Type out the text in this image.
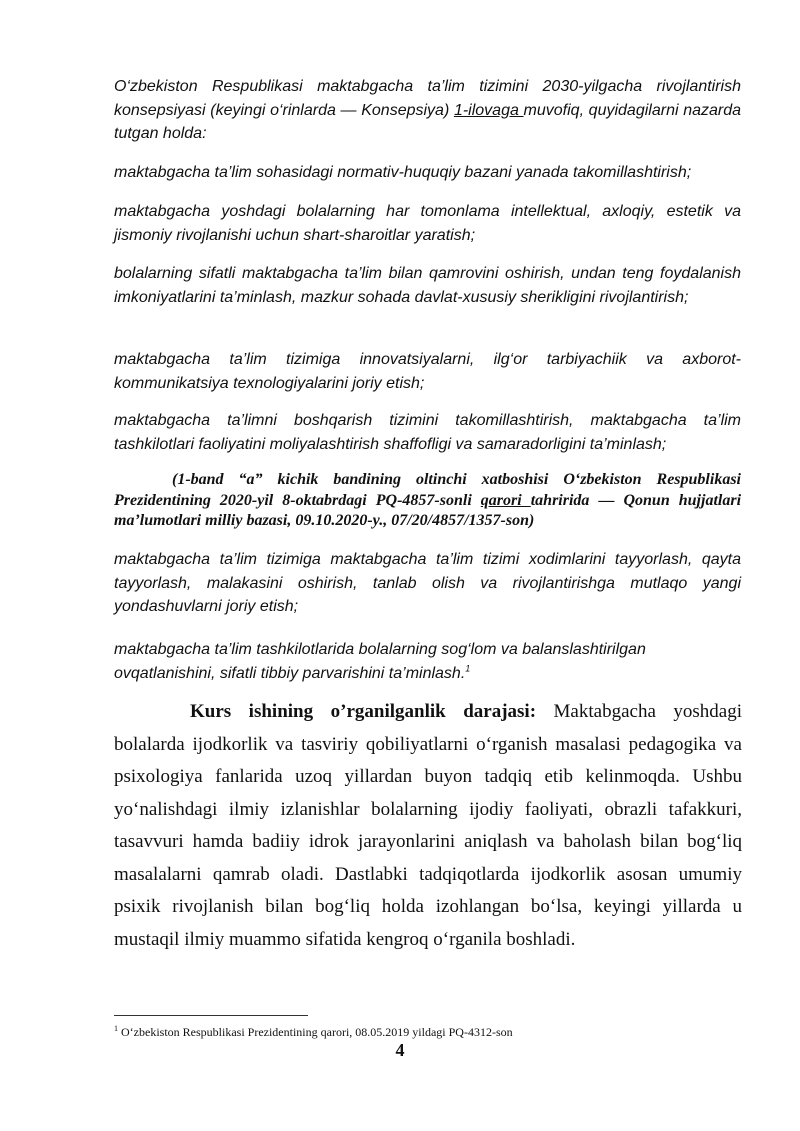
O‘zbekiston Respublikasi maktabgacha ta’lim tizimini 2030-yilgacha rivojlantirish konsepsiyasi (keyingi o‘rinlarda — Konsepsiya) 1-ilovaga muvofiq, quyidagilarni nazarda tutgan holda:

maktabgacha ta’lim sohasidagi normativ-huquqiy bazani yanada takomillashtirish;

maktabgacha yoshdagi bolalarning har tomonlama intellektual, axloqiy, estetik va jismoniy rivojlanishi uchun shart-sharoitlar yaratish;

bolalarning sifatli maktabgacha ta’lim bilan qamrovini oshirish, undan teng foydalanish imkoniyatlarini ta’minlash, mazkur sohada davlat-xususiy sherikligini rivojlantirish;

maktabgacha ta’lim tizimiga innovatsiyalarni, ilg‘or tarbiyachiik va axborot-kommunikatsiya texnologiyalarini joriy etish;

maktabgacha ta’limni boshqarish tizimini takomillashtirish, maktabgacha ta’lim tashkilotlari faoliyatini moliyalashtirish shaffofligi va samaradorligini ta’minlash;

(1-band “a” kichik bandining oltinchi xatboshisi O‘zbekiston Respublikasi Prezidentining 2020-yil 8-oktabrdagi PQ-4857-sonli qarori tahririda — Qonun hujjatlari ma’lumotlari milliy bazasi, 09.10.2020-y., 07/20/4857/1357-son)

maktabgacha ta’lim tizimiga maktabgacha ta’lim tizimi xodimlarini tayyorlash, qayta tayyorlash, malakasini oshirish, tanlab olish va rivojlantirishga mutlaqo yangi yondashuvlarni joriy etish;

maktabgacha ta’lim tashkilotlarida bolalarning sog‘lom va balanslashtirilgan
ovqatlanishini, sifatli tibbiy parvarishini ta’minlash.$^1$

Kurs ishining o’rganilganlik darajasi: Maktabgacha yoshdagi bolalarda ijodkorlik va tasviriy qobiliyatlarni o‘rganish masalasi pedagogika va psixologiya fanlarida uzoq yillardan buyon tadqiq etib kelinmoqda. Ushbu yo‘nalishdagi ilmiy izlanishlar bolalarning ijodiy faoliyati, obrazli tafakkuri, tasavvuri hamda badiiy idrok jarayonlarini aniqlash va baholash bilan bog‘liq masalalarni qamrab oladi. Dastlabki tadqiqotlarda ijodkorlik asosan umumiy psixik rivojlanish bilan bog‘liq holda izohlangan bo‘lsa, keyingi yillarda u mustaqil ilmiy muammo sifatida kengroq o‘rganila boshladi.

$^1$ O‘zbekiston Respublikasi Prezidentining qarori, 08.05.2019 yildagi PQ-4312-son

4
